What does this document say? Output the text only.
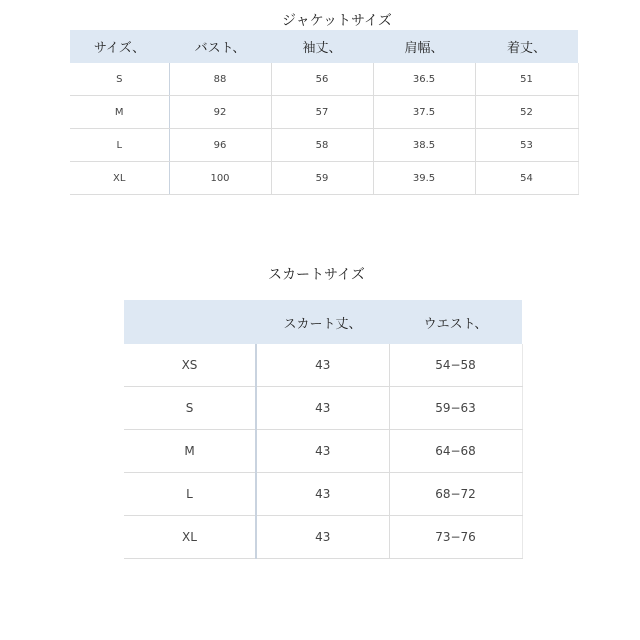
ジャケットサイズ
サイズ、	バスト、	袖丈、	肩幅、	着丈、
S	88	56	36.5	51
M	92	57	37.5	52
L	96	58	38.5	53
XL	100	59	39.5	54
スカートサイズ
	スカート丈、	ウエスト、
XS	43	54−58
S	43	59−63
M	43	64−68
L	43	68−72
XL	43	73−76
